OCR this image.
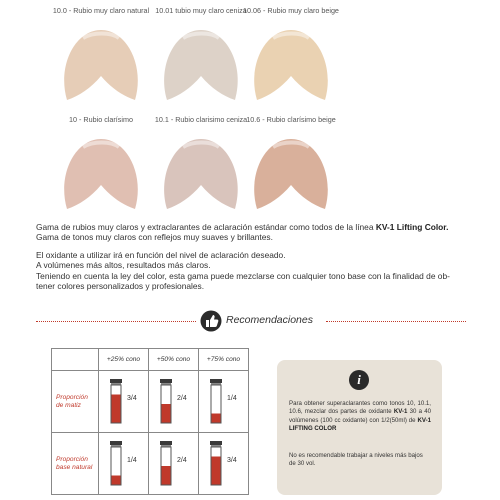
10.0 - Rubio muy claro natural 10.01 tubio muy claro ceniza
10.06 - Rubio muy claro beige
10 - Rubio clarísimo	10.1 - Rubio clarisimo ceniza 10.6 - Rubio clarísimo beige

Gama de rubios muy claros y extraclarantes de aclaración estándar como todos de la línea KV-1 Lifting Color.

Gama de tonos muy claros con reflejos muy suaves y brillantes.

El oxidante a utilizar irá en función del nivel de aclaración deseado.

A volúmenes más altos, resultados más claros.

Teniendo en cuenta la ley del color, esta gama puede mezclarse con cualquier tono base con la finalidad de ob-

tener colores personalizados y profesionales.

Recomendaciones
	+25% cono	+50% cono	+75% cono
Proporción
de matiz	3/4	2/4	1/4

Proporción
base natural	1/4	2/4	3/4
i
Para obtener superaclarantes como tonos 10, 10.1, 10.6, mezclar dos partes de oxidante KV-1 30 a 40 volúmenes (100 cc oxidante) con 1/2(50ml) de KV-1 LIFTING COLOR
No es recomendable trabajar a niveles más bajos de 30 vol.
